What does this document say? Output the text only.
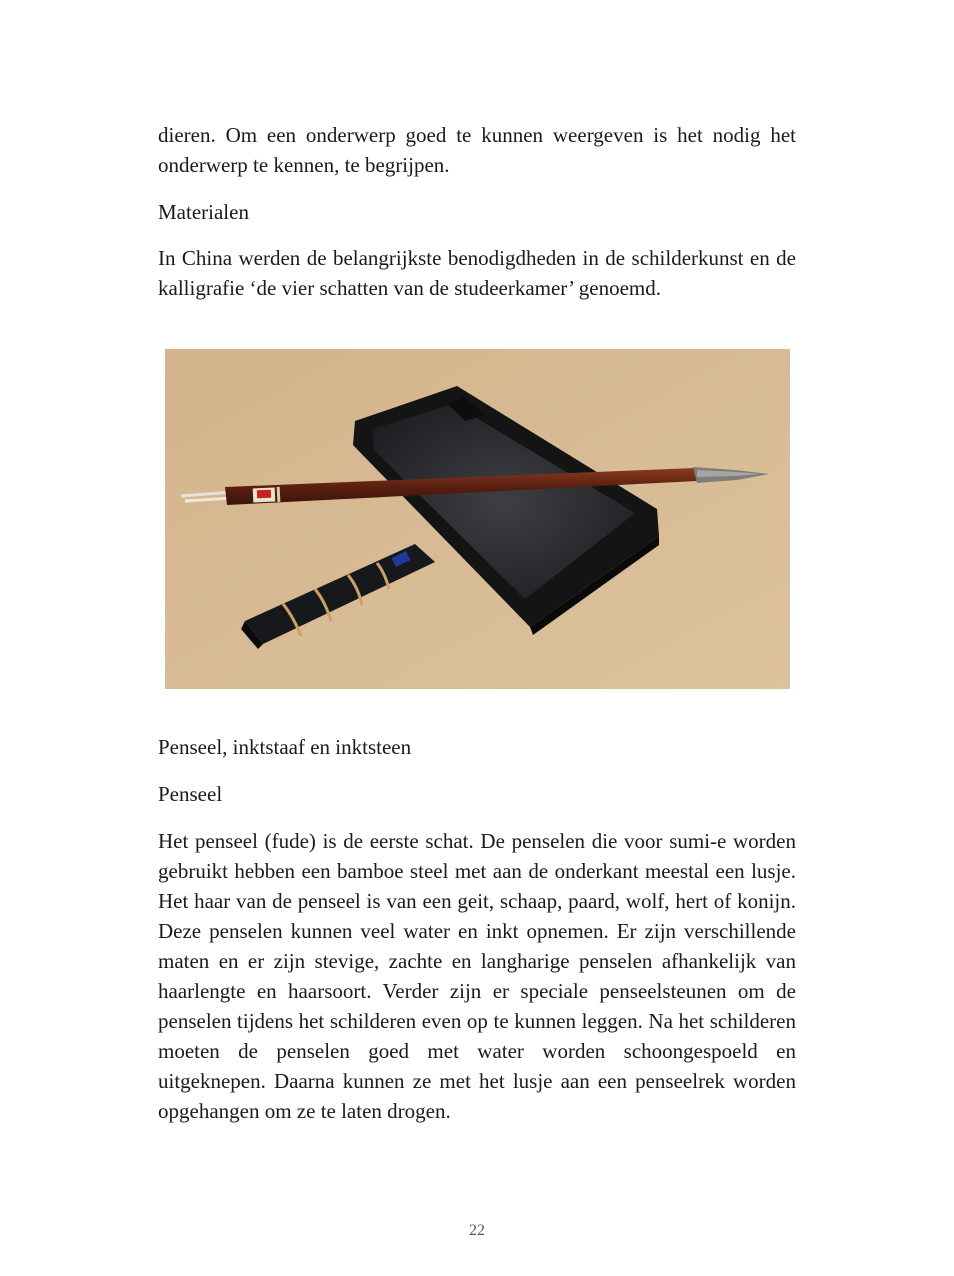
dieren. Om een onderwerp goed te kunnen weergeven is het nodig het onderwerp te kennen, te begrijpen.

Materialen

In China werden de belangrijkste benodigdheden in de schilderkunst en de kalligrafie ‘de vier schatten van de studeerkamer’ genoemd.

Penseel, inktstaaf en inktsteen

Penseel

Het penseel (fude) is de eerste schat. De penselen die voor sumi-e worden gebruikt hebben een bamboe steel met aan de onderkant meestal een lusje. Het haar van de penseel is van een geit, schaap, paard, wolf, hert of konijn. Deze penselen kunnen veel water en inkt opnemen. Er zijn verschillende maten en er zijn stevige, zachte en langharige penselen afhankelijk van haarlengte en haarsoort. Verder zijn er speciale penseelsteunen om de penselen tijdens het schilderen even op te kunnen leggen. Na het schilderen moeten de penselen goed met water worden schoongespoeld en uitgeknepen. Daarna kunnen ze met het lusje aan een penseelrek worden opgehangen om ze te laten drogen.

22
